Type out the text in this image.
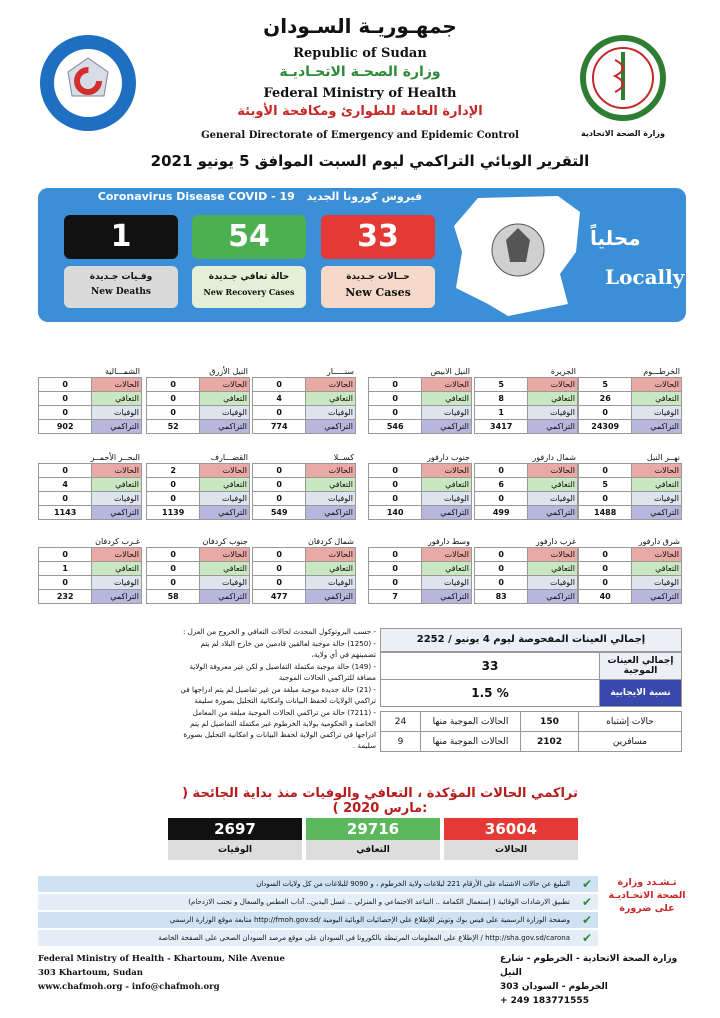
وزارة الصحة الاتحادية
جمهـوريـة السـودان
Republic of Sudan
وزارة الصحـة الاتحـاديـة
Federal Ministry of Health
الإدارة العامة للطوارئ ومكافحة الأوبئة
General Directorate of Emergency and Epidemic Control
التقرير الوبائي التراكمي ليوم السبت الموافق 5 يونيو 2021
Coronavirus Disease COVID - 19 فيروس كورونا الجديد
1	54	33
وفـيات جـديدة
New Deaths
حالة تعافي جـديدة
New Recovery Cases
حــالات جـديدة
New Cases
محلياً
Locally
الخرطـــوم
5	الحالات
26	التعافي
0	الوفيات
24309	التراكمي
الجزيرة
5	الحالات
8	التعافي
1	الوفيات
3417	التراكمي
النيل الابيض
0	الحالات
0	التعافي
0	الوفيات
546	التراكمي
سنـــــار
0	الحالات
4	التعافي
0	الوفيات
774	التراكمي
النيل الأزرق
0	الحالات
0	التعافي
0	الوفيات
52	التراكمي
الشمـــالية
0	الحالات
0	التعافي
0	الوفيات
902	التراكمي
نهــر النيل
0	الحالات
5	التعافي
0	الوفيات
1488	التراكمي
شمال دارفور
0	الحالات
6	التعافي
0	الوفيات
499	التراكمي
جنوب دارفور
0	الحالات
0	التعافي
0	الوفيات
140	التراكمي
كســلا
0	الحالات
0	التعافي
0	الوفيات
549	التراكمي
القضـــارف
2	الحالات
0	التعافي
0	الوفيات
1139	التراكمي
البحــر الأحمــر
0	الحالات
4	التعافي
0	الوفيات
1143	التراكمي
شرق دارفور
0	الحالات
0	التعافي
0	الوفيات
40	التراكمي
غرب دارفور
0	الحالات
0	التعافي
0	الوفيات
83	التراكمي
وسط دارفور
0	الحالات
0	التعافي
0	الوفيات
7	التراكمي
شمال كردفان
0	الحالات
0	التعافي
0	الوفيات
477	التراكمي
جنوب كردفان
0	الحالات
0	التعافي
0	الوفيات
58	التراكمي
غـرب كردفان
0	الحالات
1	التعافي
0	الوفيات
232	التراكمي

- حسب البروتوكول المحدث لحالات التعافي و الخروج من العزل :

- (1250) حالة موجبة لعالقين قادمين من خارج البلاد لم يتم تضمينهم في أي ولاية،

- (149) حالة موجبة مكتملة التفاصيل و لكن غير معروفة الولاية مضافة للتراكمي الحالات الموجبة

- (21) حالة جديدة موجبة مبلغة من غير تفاصيل لم يتم ادراجها في تراكمي الولايات لحفظ البيانات وامكانية التحليل بصورة سليمة

- (7211) حالة من تراكمي الحالات الموجبة مبلغة من المعامل الخاصة و الحكومية بولاية الخرطوم غير مكتملة التفاصيل لم يتم ادراجها في تراكمي الولاية لحفظ البيانات و امكانية التحليل بصورة سليمة .

إجمالي العينات المفحوصة ليوم 4 يونيو / 2252
33	إجمالي العينات الموجبة
1.5 %	نسبة الايجابية
24	الحالات الموجبة منها	150	حالات إشتباه
9	الحالات الموجبة منها	2102	مسافرين
تراكمي الحالات المؤكدة ، التعافي والوفيات منذ بداية الجائحة ( مارس 2020 ):
2697	29716	36004
الوفيات	التعافي	الحالات
التبليغ عن حالات الاشتباه على الأرقام 221 لبلاغات ولاية الخرطوم ، و 9090 للبلاغات من كل ولايات السودان ✔
تطبيق الارشادات الوقائية ( إستعمال الكمامة .. التباعد الاجتماعي و المنزلي .. غسل اليدين.. آداب العطس والسعال و تجنب الازدحام) ✔
متابعة موقع الوزارة الرسمي http://fmoh.gov.sd/ وصفحة الوزارة الرسمية على فيس بوك وتويتر للإطلاع على الإحصائيات الوبائية اليومية ✔
الإطلاع على المعلومات المرتبطة بالكورونا في السودان على موقع مرصد السودان الصحي على الصفحة الخاصة / http://sha.gov.sd/carona ✔
تـشـدد وزارة الصحة الاتحـاديـة على ضرورة
Federal Ministry of Health - Khartoum, Nile Avenue
303 Khartoum, Sudan
www.chafmoh.org - info@chafmoh.org
وزارة الصحة الاتحادية - الخرطوم - شارع النيل
303 الخرطوم - السودان
+ 249 183771555
